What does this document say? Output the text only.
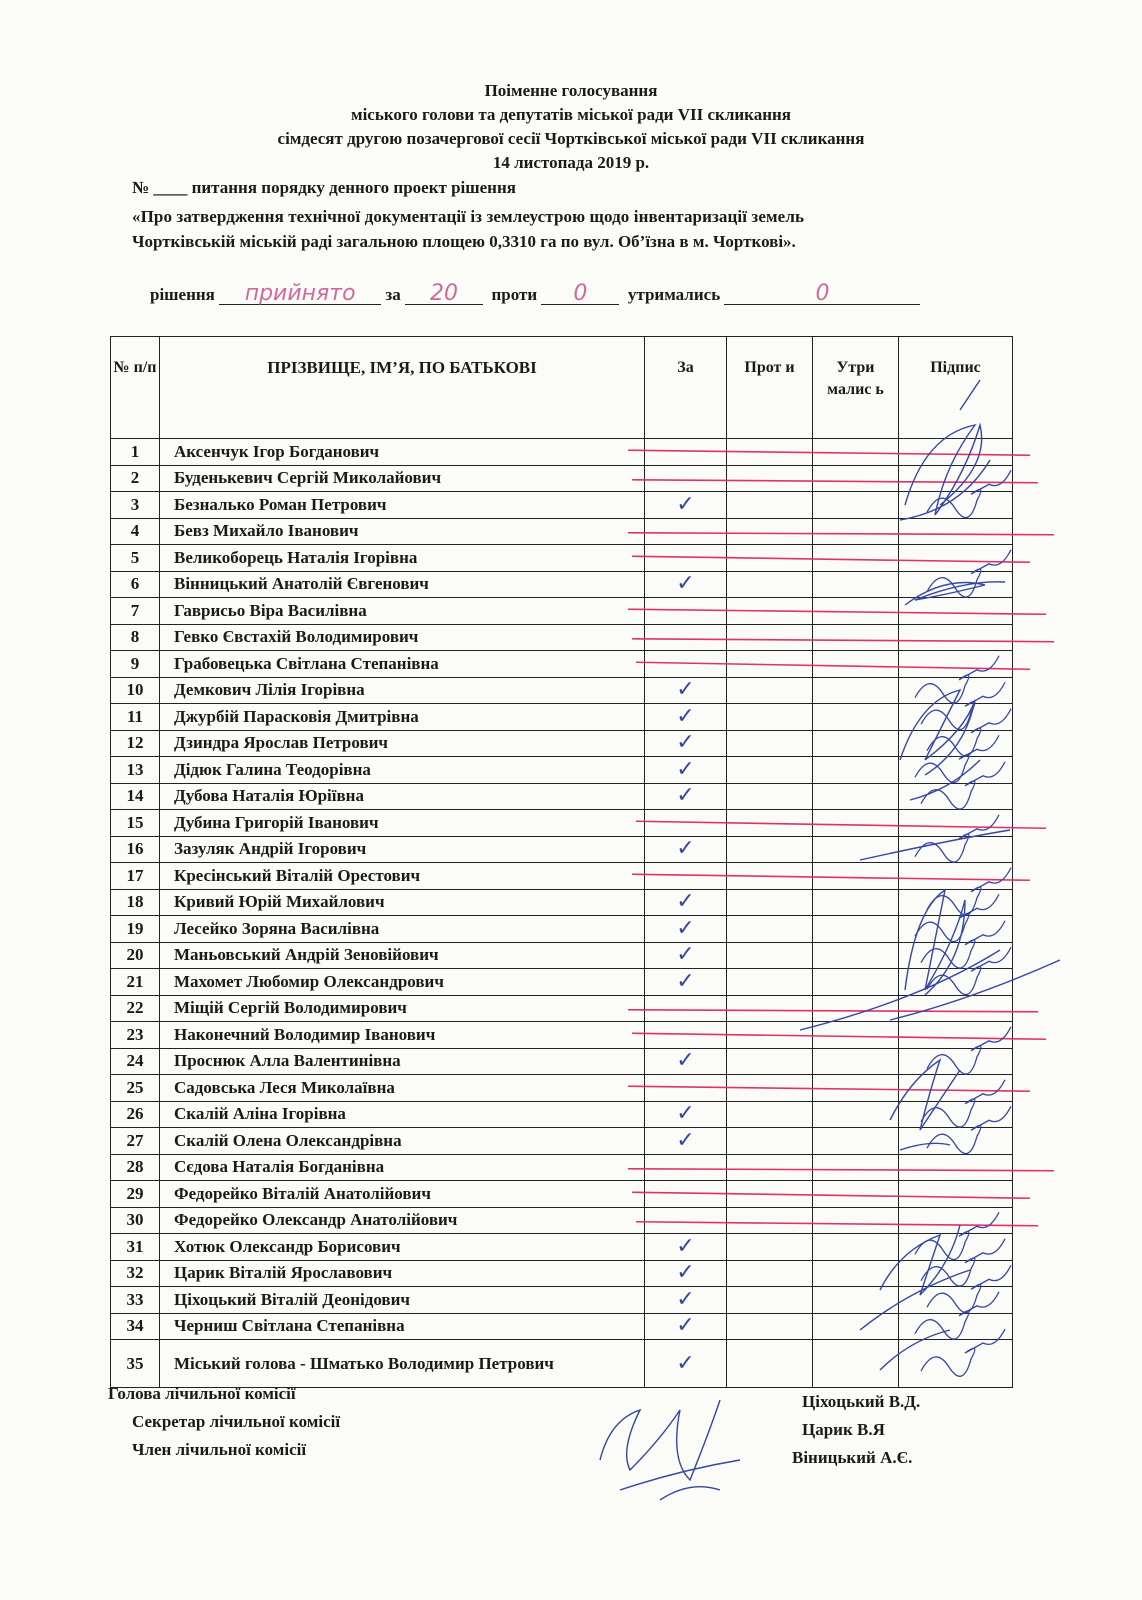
Поіменне голосування
міського голови та депутатів міської ради VII скликання
сімдесят другою позачергової сесії Чортківської міської ради VII скликання
14 листопада 2019 р.
№ ____ питання порядку денного проект рішення
«Про затвердження технічної документації із землеустрою щодо інвентаризації земель
Чортківській міській раді загальною площею 0,3310 га по вул. Об’їзна в м. Чорткові».
рішення прийнято за 20 проти 0 утримались	0
№ п/п	ПРІЗВИЩЕ, ІМ’Я, ПО БАТЬКОВІ	За	Прот и	Утри малис ь	Підпис
1	Аксенчук Ігор Богданович				
2	Буденькевич Сергій Миколайович				
3	Безналько Роман Петрович	✓			
4	Бевз Михайло Іванович				
5	Великоборець Наталія Ігорівна				
6	Вінницький Анатолій Євгенович	✓			
7	Гаврисьо Віра Василівна				
8	Гевко Євстахій Володимирович				
9	Грабовецька Світлана Степанівна				
10	Демкович Лілія Ігорівна	✓			
11	Джурбій Парасковія Дмитрівна	✓			
12	Дзиндра Ярослав Петрович	✓			
13	Дідюк Галина Теодорівна	✓			
14	Дубова Наталія Юріївна	✓			
15	Дубина Григорій Іванович				
16	Зазуляк Андрій Ігорович	✓			
17	Кресінський Віталій Орестович				
18	Кривий Юрій Михайлович	✓			
19	Лесейко Зоряна Василівна	✓			
20	Маньовський Андрій Зеновійович	✓			
21	Махомет Любомир Олександрович	✓			
22	Міщій Сергій Володимирович				
23	Наконечний Володимир Іванович				
24	Проснюк Алла Валентинівна	✓			
25	Садовська Леся Миколаївна				
26	Скалій Аліна Ігорівна	✓			
27	Скалій Олена Олександрівна	✓			
28	Сєдова Наталія Богданівна				
29	Федорейко Віталій Анатолійович				
30	Федорейко Олександр Анатолійович				
31	Хотюк Олександр Борисович	✓			
32	Царик Віталій Ярославович	✓			
33	Ціхоцький Віталій Деонідович	✓			
34	Черниш Світлана Степанівна	✓			
35	Міський голова - Шматько Володимир Петрович	✓			
Голова лічильної комісії
Секретар лічильної комісії
Член лічильної комісії
Ціхоцький В.Д.
Царик В.Я
Віницький А.Є.
